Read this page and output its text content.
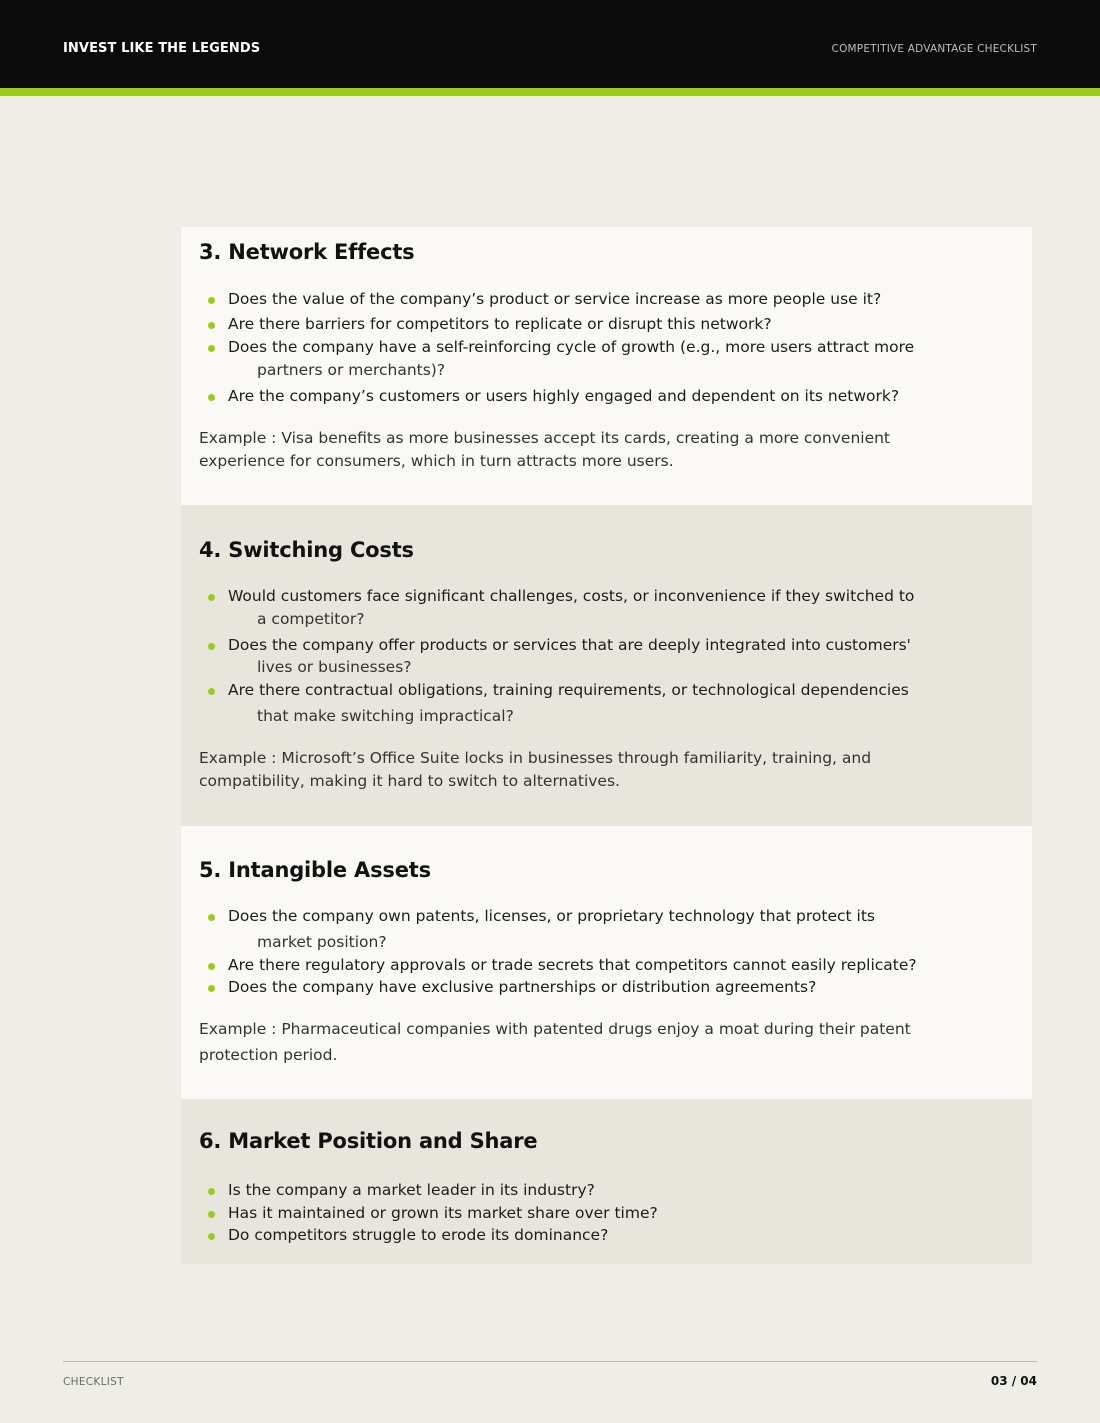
INVEST LIKE THE LEGENDS	COMPETITIVE ADVANTAGE CHECKLIST
3. Network Effects
Does the value of the company’s product or service increase as more people use it?
Are there barriers for competitors to replicate or disrupt this network?
Does the company have a self-reinforcing cycle of growth (e.g., more users attract more
partners or merchants)?
Are the company’s customers or users highly engaged and dependent on its network?
Example : Visa benefits as more businesses accept its cards, creating a more convenient
experience for consumers, which in turn attracts more users.
4. Switching Costs
Would customers face significant challenges, costs, or inconvenience if they switched to
a competitor?
Does the company offer products or services that are deeply integrated into customers'
lives or businesses?
Are there contractual obligations, training requirements, or technological dependencies
that make switching impractical?
Example : Microsoft’s Office Suite locks in businesses through familiarity, training, and
compatibility, making it hard to switch to alternatives.
5. Intangible Assets
Does the company own patents, licenses, or proprietary technology that protect its
market position?
Are there regulatory approvals or trade secrets that competitors cannot easily replicate?
Does the company have exclusive partnerships or distribution agreements?
Example : Pharmaceutical companies with patented drugs enjoy a moat during their patent
protection period.
6. Market Position and Share
Is the company a market leader in its industry?
Has it maintained or grown its market share over time?
Do competitors struggle to erode its dominance?
CHECKLIST	03 / 04
